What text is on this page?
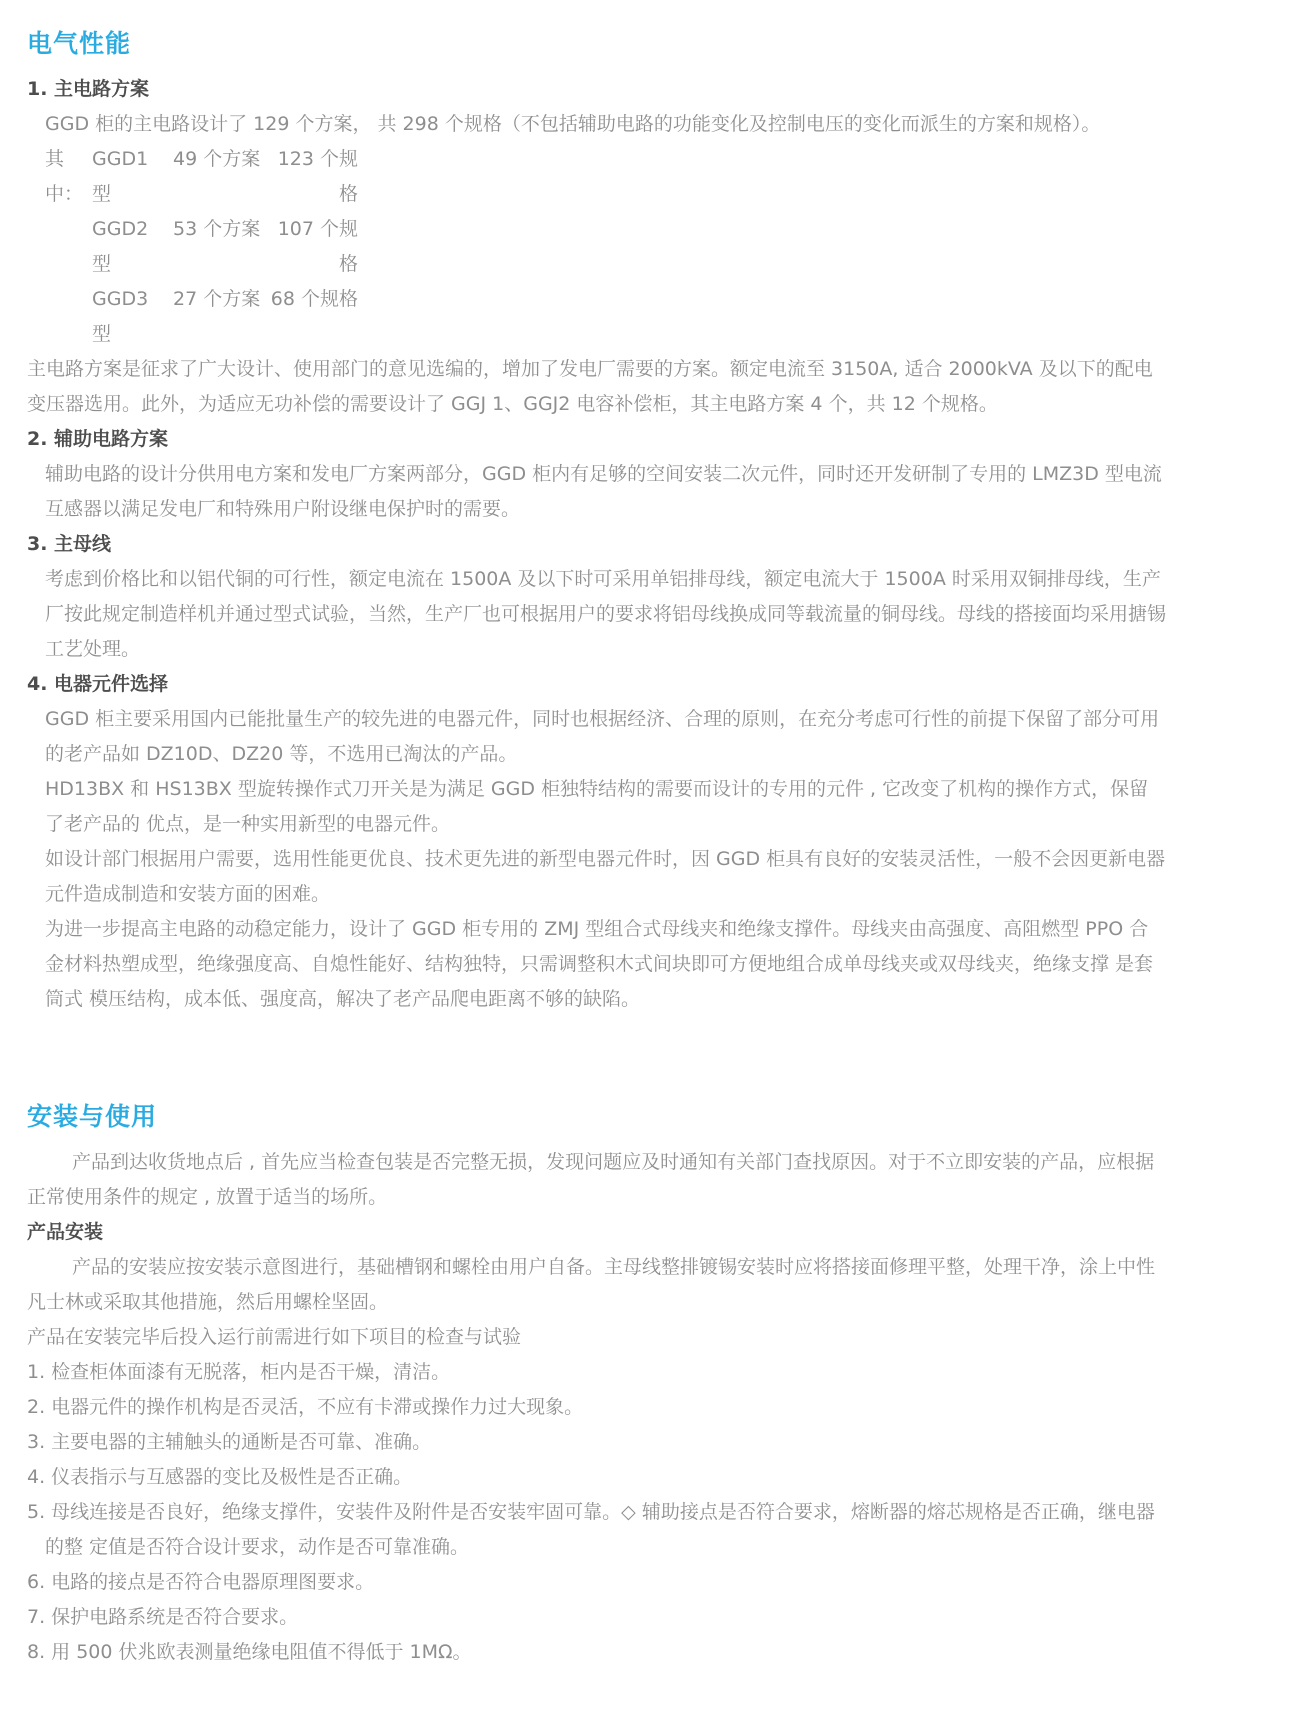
电气性能
1. 主电路方案

GGD 柜的主电路设计了 129 个方案， 共 298 个规格（不包括辅助电路的功能变化及控制电压的变化而派生的方案和规格）。

其中：
GGD1 型
49 个方案 123 个规格
GGD2 型
53 个方案 107 个规格
GGD3 型
27 个方案 68 个规格

主电路方案是征求了广大设计、使用部门的意见选编的，增加了发电厂需要的方案。额定电流至 3150A, 适合 2000kVA 及以下的配电变压器选用。此外，为适应无功补偿的需要设计了 GGJ 1、GGJ2 电容补偿柜，其主电路方案 4 个，共 12 个规格。

2. 辅助电路方案

辅助电路的设计分供用电方案和发电厂方案两部分，GGD 柜内有足够的空间安装二次元件，同时还开发研制了专用的 LMZ3D 型电流互感器以满足发电厂和特殊用户附设继电保护时的需要。

3. 主母线

考虑到价格比和以铝代铜的可行性，额定电流在 1500A 及以下时可采用单铝排母线，额定电流大于 1500A 时采用双铜排母线，生产厂按此规定制造样机并通过型式试验，当然，生产厂也可根据用户的要求将铝母线换成同等载流量的铜母线。母线的搭接面均采用搪锡工艺处理。

4. 电器元件选择

GGD 柜主要采用国内已能批量生产的较先进的电器元件，同时也根据经济、合理的原则，在充分考虑可行性的前提下保留了部分可用的老产品如 DZ10D、DZ20 等，不选用已淘汰的产品。

HD13BX 和 HS13BX 型旋转操作式刀开关是为满足 GGD 柜独特结构的需要而设计的专用的元件 , 它改变了机构的操作方式，保留了老产品的 优点，是一种实用新型的电器元件。

如设计部门根据用户需要，选用性能更优良、技术更先进的新型电器元件时，因 GGD 柜具有良好的安装灵活性，一般不会因更新电器元件造成制造和安装方面的困难。

为进一步提高主电路的动稳定能力，设计了 GGD 柜专用的 ZMJ 型组合式母线夹和绝缘支撑件。母线夹由高强度、高阻燃型 PPO 合金材料热塑成型，绝缘强度高、自熄性能好、结构独特，只需调整积木式间块即可方便地组合成单母线夹或双母线夹，绝缘支撑 是套筒式 模压结构，成本低、强度高，解决了老产品爬电距离不够的缺陷。

安装与使用

产品到达收货地点后 , 首先应当检查包装是否完整无损，发现问题应及时通知有关部门查找原因。对于不立即安装的产品，应根据正常使用条件的规定 , 放置于适当的场所。

产品安装

产品的安装应按安装示意图进行，基础槽钢和螺栓由用户自备。主母线整排镀锡安装时应将搭接面修理平整，处理干净，涂上中性凡士林或采取其他措施，然后用螺栓坚固。

产品在安装完毕后投入运行前需进行如下项目的检查与试验

1. 检查柜体面漆有无脱落，柜内是否干燥，清洁。
2. 电器元件的操作机构是否灵活，不应有卡滞或操作力过大现象。
3. 主要电器的主辅触头的通断是否可靠、准确。
4. 仪表指示与互感器的变比及极性是否正确。
5. 母线连接是否良好，绝缘支撑件，安装件及附件是否安装牢固可靠。◇ 辅助接点是否符合要求，熔断器的熔芯规格是否正确，继电器的整 定值是否符合设计要求，动作是否可靠准确。
6. 电路的接点是否符合电器原理图要求。
7. 保护电路系统是否符合要求。
8. 用 500 伏兆欧表测量绝缘电阻值不得低于 1MΩ。
